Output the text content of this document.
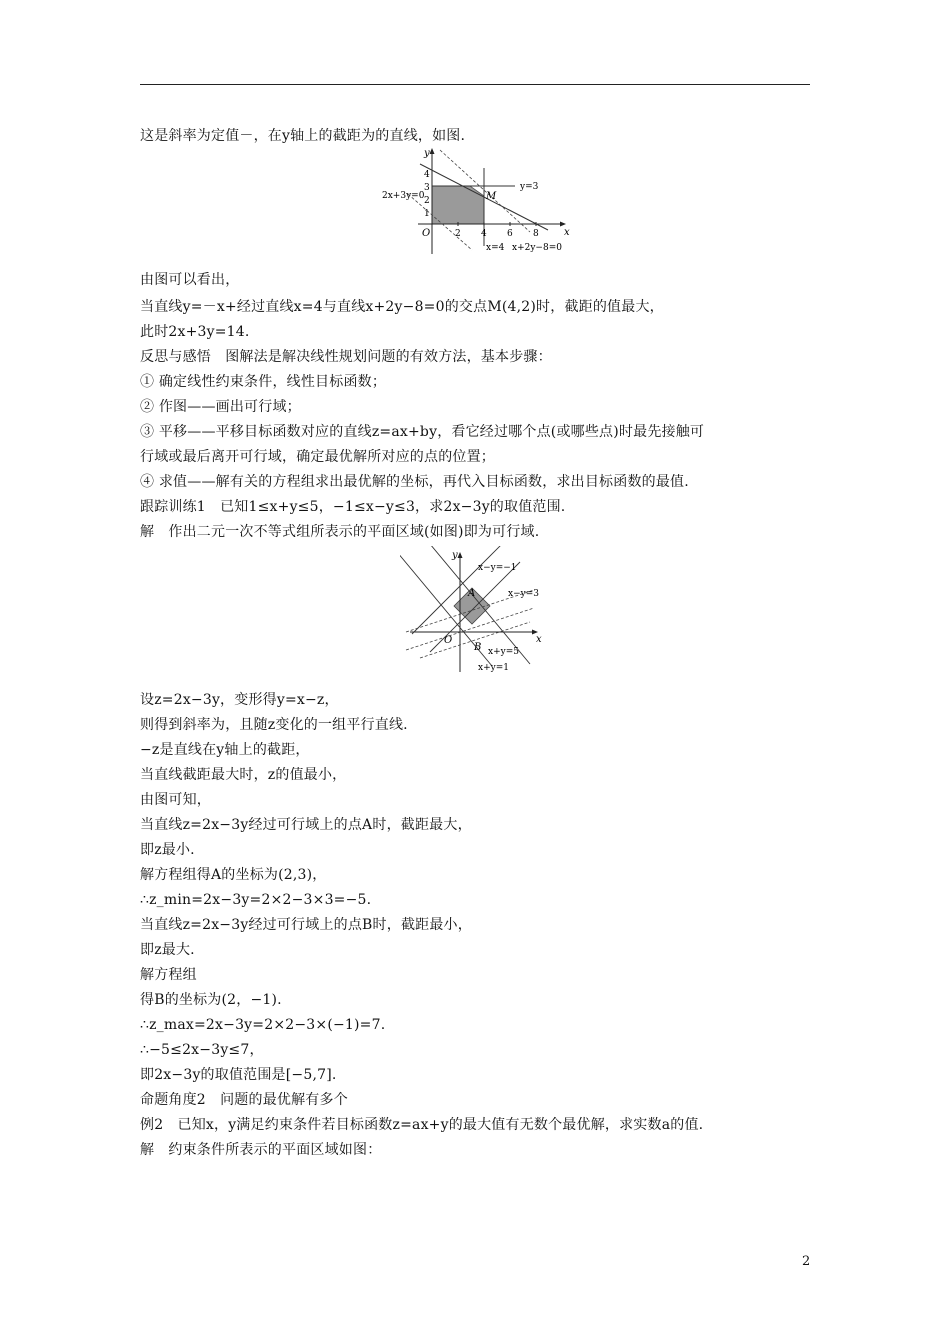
这是斜率为定值－，在y轴上的截距为的直线，如图.
y
x
O
4
3
2
1
2 4 6 8
M
y=3
2x+3y=0
x=4 x+2y−8=0
由图可以看出，
当直线y=－x+经过直线x=4与直线x+2y−8=0的交点M(4,2)时，截距的值最大，
此时2x+3y=14.
反思与感悟　图解法是解决线性规划问题的有效方法，基本步骤：
① 确定线性约束条件，线性目标函数；
② 作图——画出可行域；
③ 平移——平移目标函数对应的直线z=ax+by，看它经过哪个点(或哪些点)时最先接触可
行域或最后离开可行域，确定最优解所对应的点的位置；
④ 求值——解有关的方程组求出最优解的坐标，再代入目标函数，求出目标函数的最值.
跟踪训练1　已知1≤x+y≤5，−1≤x−y≤3，求2x−3y的取值范围.
解　作出二元一次不等式组所表示的平面区域(如图)即为可行域.
y
x
O
A
B
x−y=−1
x−y=3
x+y=5
x+y=1
设z=2x−3y，变形得y=x−z，
则得到斜率为，且随z变化的一组平行直线.
−z是直线在y轴上的截距，
当直线截距最大时，z的值最小，
由图可知，
当直线z=2x−3y经过可行域上的点A时，截距最大，
即z最小.
解方程组得A的坐标为(2,3)，
∴z_min=2x−3y=2×2−3×3=−5.
当直线z=2x−3y经过可行域上的点B时，截距最小，
即z最大.
解方程组
得B的坐标为(2，−1).
∴z_max=2x−3y=2×2−3×(−1)=7.
∴−5≤2x−3y≤7，
即2x−3y的取值范围是[−5,7].
命题角度2　问题的最优解有多个
例2　已知x，y满足约束条件若目标函数z=ax+y的最大值有无数个最优解，求实数a的值.
解　约束条件所表示的平面区域如图：
2
